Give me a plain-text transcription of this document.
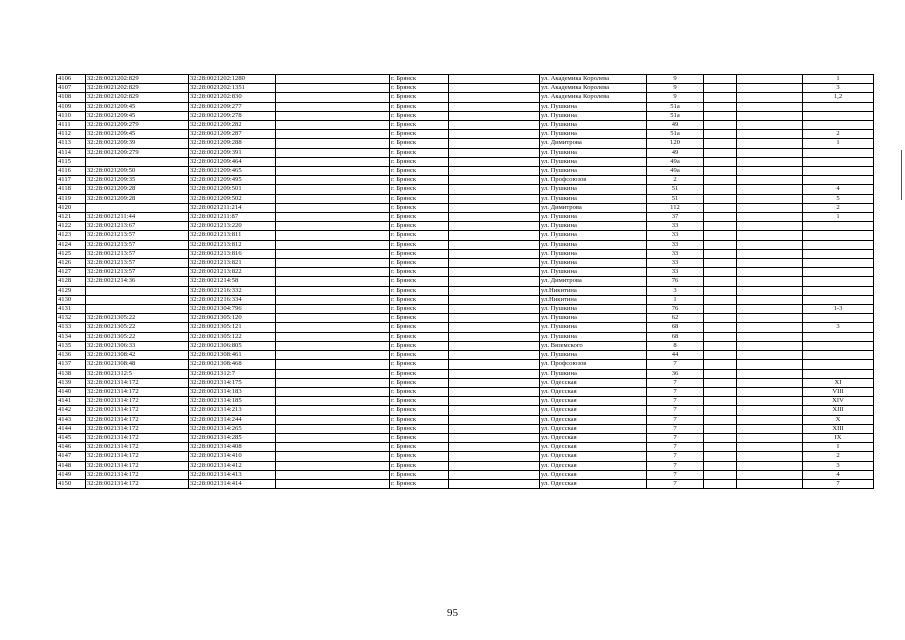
4106	32:28:0021202:829	32:28:0021202:1280		г. Брянск		ул. Академика Королева	9			1
4107	32:28:0021202:829	32:28:0021202:1351		г. Брянск		ул. Академика Королева	9			3
4108	32:28:0021202:829	32:28:0021202:830		г. Брянск		ул. Академика Королева	9			1,2
4109	32:28:0021209:45	32:28:0021209:277		г. Брянск		ул. Пушкина	51а			
4110	32:28:0021209:45	32:28:0021209:278		г. Брянск		ул. Пушкина	51а			
4111	32:28:0021209:279	32:28:0021209:282		г. Брянск		ул. Пушкина	49			
4112	32:28:0021209:45	32:28:0021209:287		г. Брянск		ул. Пушкина	51а			2
4113	32:28:0021209:39	32:28:0021209:288		г. Брянск		ул. Димитрова	120			1
4114	32:28:0021209:279	32:28:0021209:391		г. Брянск		ул. Пушкина	49			
4115		32:28:0021209:464		г. Брянск		ул. Пушкина	49а			
4116	32:28:0021209:50	32:28:0021209:465		г. Брянск		ул. Пушкина	49а			
4117	32:28:0021209:35	32:28:0021209:495		г. Брянск		ул. Профсоюзов	2			
4118	32:28:0021209:28	32:28:0021209:501		г. Брянск		ул. Пушкина	51			4
4119	32:28:0021209:28	32:28:0021209:502		г. Брянск		ул. Пушкина	51			5
4120		32:28:0021211:214		г. Брянск		ул. Димитрова	112			2
4121	32:28:0021211:44	32:28:0021211:87		г. Брянск		ул. Пушкина	37			1
4122	32:28:0021213:67	32:28:0021213:220		г. Брянск		ул. Пушкина	33			
4123	32:28:0021213:57	32:28:0021213:811		г. Брянск		ул. Пушкина	33			
4124	32:28:0021213:57	32:28:0021213:812		г. Брянск		ул. Пушкина	33			
4125	32:28:0021213:57	32:28:0021213:816		г. Брянск		ул. Пушкина	33			
4126	32:28:0021213:57	32:28:0021213:821		г. Брянск		ул. Пушкина	33			
4127	32:28:0021213:57	32:28:0021213:822		г. Брянск		ул. Пушкина	33			
4128	32:28:0021214:36	32:28:0021214:58		г. Брянск		ул. Димитрова	76			
4129		32:28:0021216:332		г. Брянск		ул.Никитина	3			
4130		32:28:0021216:334		г. Брянск		ул.Никитина	1			
4131		32:28:0021304:796		г. Брянск		ул. Пушкина	76			1-3
4132	32:28:0021305:22	32:28:0021305:120		г. Брянск		ул. Пушкина	62			
4133	32:28:0021305:22	32:28:0021305:121		г. Брянск		ул. Пушкина	68			3
4134	32:28:0021305:22	32:28:0021305:122		г. Брянск		ул. Пушкина	68			
4135	32:28:0021306:33	32:28:0021306:805		г. Брянск		ул. Вяземского	8			
4136	32:28:0021308:42	32:28:0021308:461		г. Брянск		ул. Пушкина	44			
4137	32:28:0021308:48	32:28:0021308:468		г. Брянск		ул. Профсоюзов	7			
4138	32:28:0021312:5	32:28:0021312:7		г. Брянск		ул. Пушкина	36			
4139	32:28:0021314:172	32:28:0021314:175		г. Брянск		ул. Одесская	7			XI
4140	32:28:0021314:172	32:28:0021314:183		г. Брянск		ул. Одесская	7			VIII
4141	32:28:0021314:172	32:28:0021314:185		г. Брянск		ул. Одесская	7			XIV
4142	32:28:0021314:172	32:28:0021314:213		г. Брянск		ул. Одесская	7			XIII
4143	32:28:0021314:172	32:28:0021314:244		г. Брянск		ул. Одесская	7			X
4144	32:28:0021314:172	32:28:0021314:265		г. Брянск		ул. Одесская	7			XIII
4145	32:28:0021314:172	32:28:0021314:285		г. Брянск		ул. Одесская	7			IX
4146	32:28:0021314:172	32:28:0021314:408		г. Брянск		ул. Одесская	7			I
4147	32:28:0021314:172	32:28:0021314:410		г. Брянск		ул. Одесская	7			2
4148	32:28:0021314:172	32:28:0021314:412		г. Брянск		ул. Одесская	7			3
4149	32:28:0021314:172	32:28:0021314:413		г. Брянск		ул. Одесская	7			4
4150	32:28:0021314:172	32:28:0021314:414		г. Брянск		ул. Одесская	7			7
95
